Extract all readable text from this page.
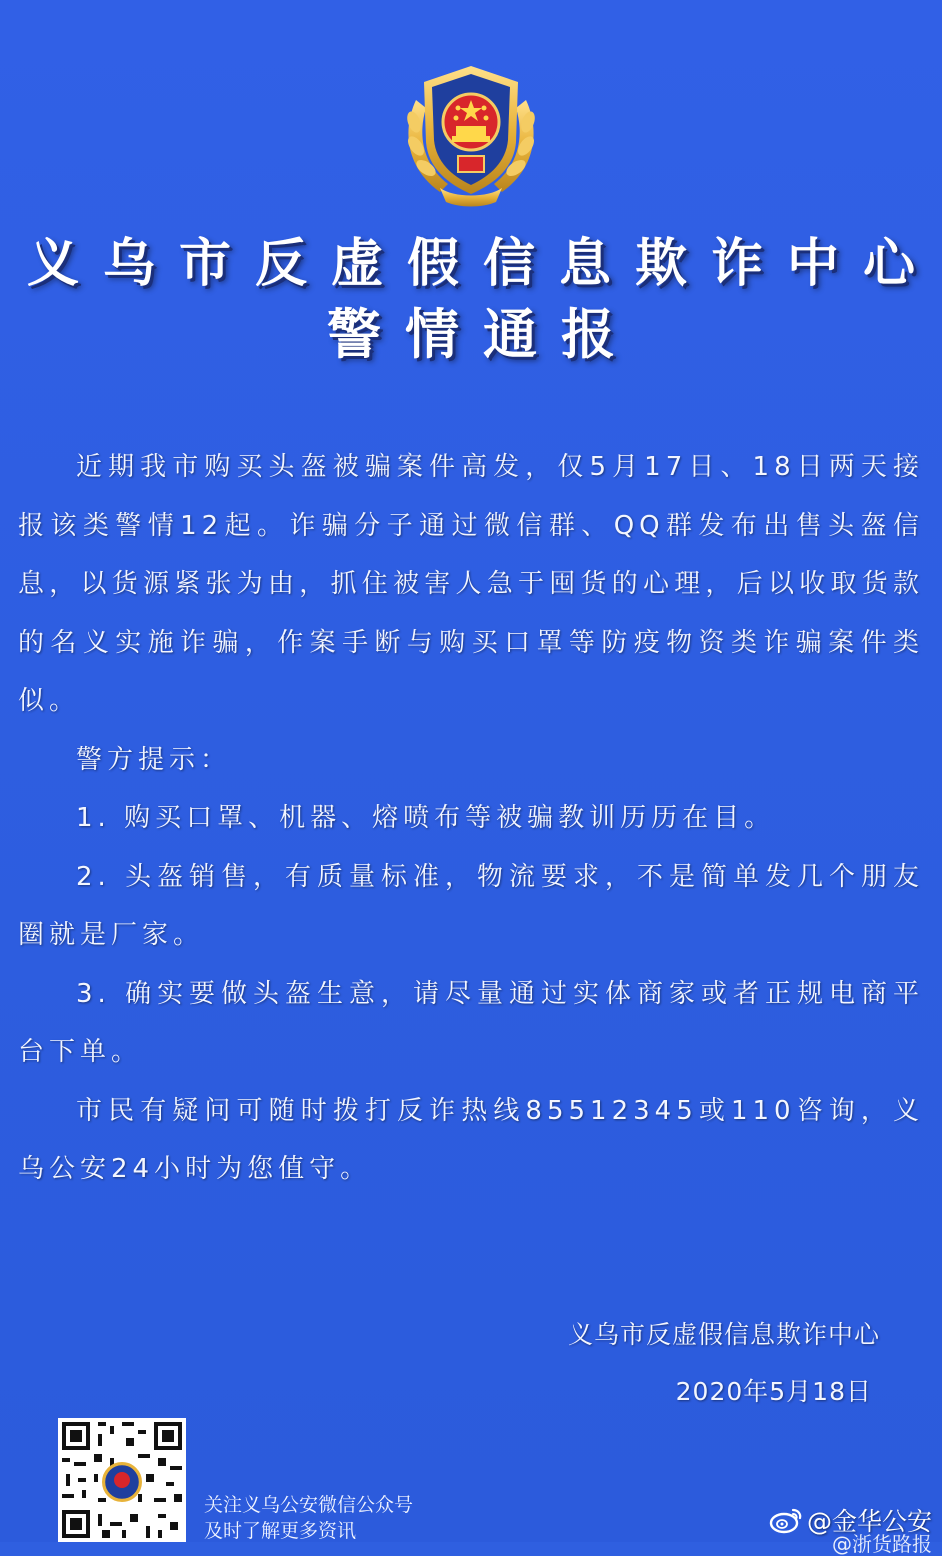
义乌市反虚假信息欺诈中心
警情通报

近期我市购买头盔被骗案件高发，仅5月17日、18日两天接报该类警情12起。诈骗分子通过微信群、QQ群发布出售头盔信息，以货源紧张为由，抓住被害人急于囤货的心理，后以收取货款的名义实施诈骗，作案手断与购买口罩等防疫物资类诈骗案件类似。

警方提示：

1. 购买口罩、机器、熔喷布等被骗教训历历在目。

2. 头盔销售，有质量标准，物流要求，不是简单发几个朋友圈就是厂家。

3. 确实要做头盔生意，请尽量通过实体商家或者正规电商平台下单。

市民有疑问可随时拨打反诈热线85512345或110咨询，义乌公安24小时为您值守。

义乌市反虚假信息欺诈中心
2020年5月18日
关注义乌公安微信公众号
及时了解更多资讯	@金华公安
@浙货路报
